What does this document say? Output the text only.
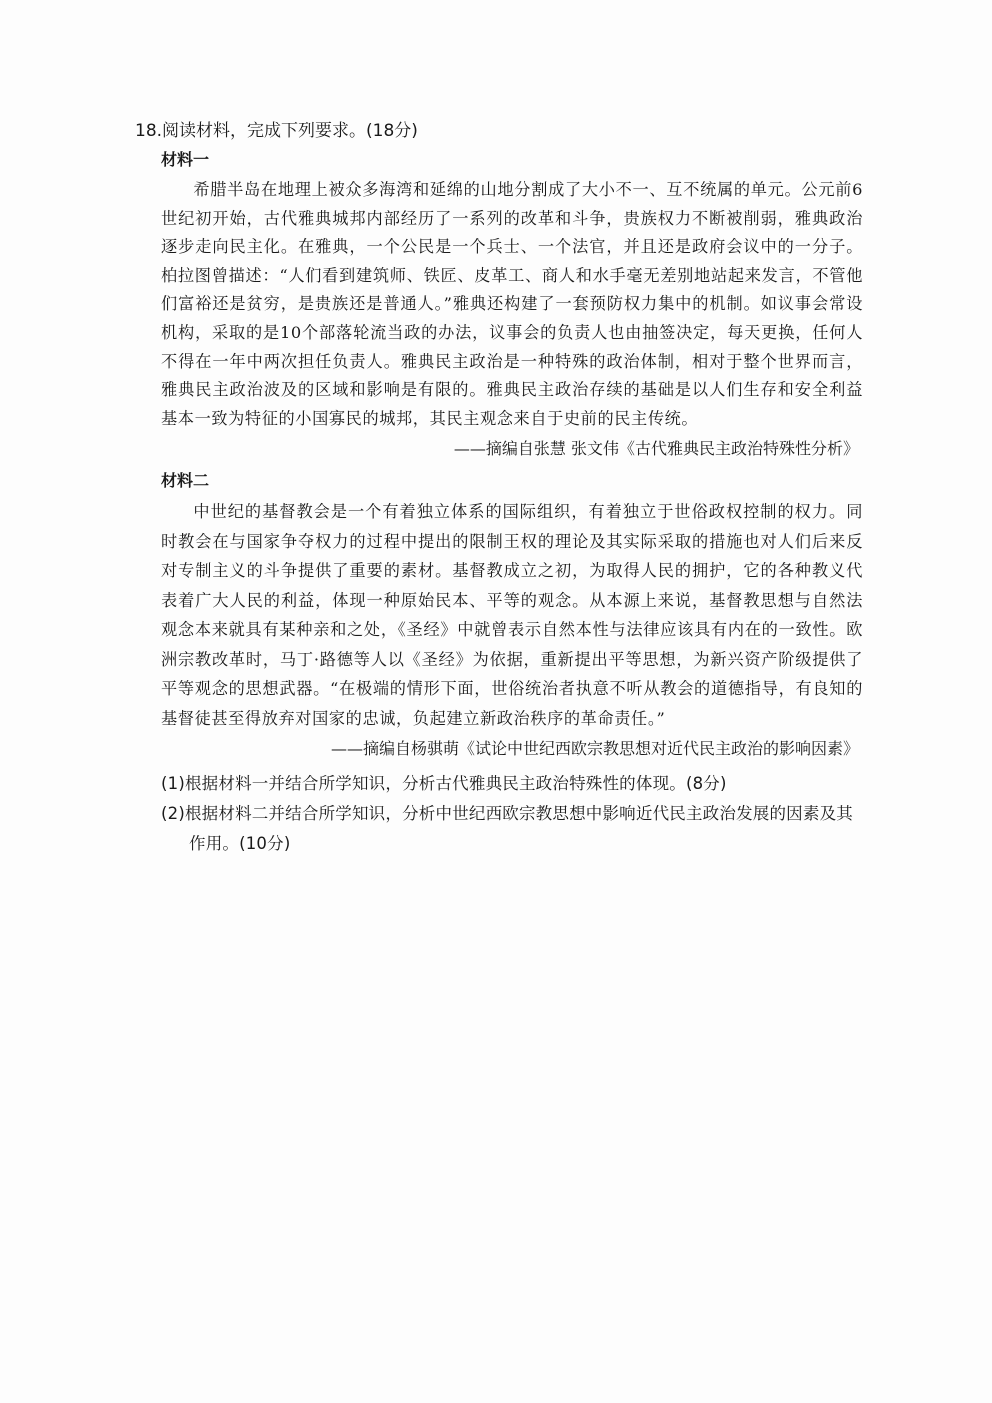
18.阅读材料，完成下列要求。(18分)

材料一

希腊半岛在地理上被众多海湾和延绵的山地分割成了大小不一、互不统属的单元。公元前6世纪初开始，古代雅典城邦内部经历了一系列的改革和斗争，贵族权力不断被削弱，雅典政治逐步走向民主化。在雅典，一个公民是一个兵士、一个法官，并且还是政府会议中的一分子。柏拉图曾描述：“人们看到建筑师、铁匠、皮革工、商人和水手毫无差别地站起来发言，不管他们富裕还是贫穷，是贵族还是普通人。”雅典还构建了一套预防权力集中的机制。如议事会常设机构，采取的是10个部落轮流当政的办法，议事会的负责人也由抽签决定，每天更换，任何人不得在一年中两次担任负责人。雅典民主政治是一种特殊的政治体制，相对于整个世界而言，雅典民主政治波及的区域和影响是有限的。雅典民主政治存续的基础是以人们生存和安全利益基本一致为特征的小国寡民的城邦，其民主观念来自于史前的民主传统。

——摘编自张慧 张文伟《古代雅典民主政治特殊性分析》

材料二

中世纪的基督教会是一个有着独立体系的国际组织，有着独立于世俗政权控制的权力。同时教会在与国家争夺权力的过程中提出的限制王权的理论及其实际采取的措施也对人们后来反对专制主义的斗争提供了重要的素材。基督教成立之初，为取得人民的拥护，它的各种教义代表着广大人民的利益，体现一种原始民本、平等的观念。从本源上来说，基督教思想与自然法观念本来就具有某种亲和之处，《圣经》中就曾表示自然本性与法律应该具有内在的一致性。欧洲宗教改革时，马丁·路德等人以《圣经》为依据，重新提出平等思想，为新兴资产阶级提供了平等观念的思想武器。“在极端的情形下面，世俗统治者执意不听从教会的道德指导，有良知的基督徒甚至得放弃对国家的忠诚，负起建立新政治秩序的革命责任。”

——摘编自杨骐萌《试论中世纪西欧宗教思想对近代民主政治的影响因素》

(1)根据材料一并结合所学知识，分析古代雅典民主政治特殊性的体现。(8分)

(2)根据材料二并结合所学知识，分析中世纪西欧宗教思想中影响近代民主政治发展的因素及其作用。(10分)
